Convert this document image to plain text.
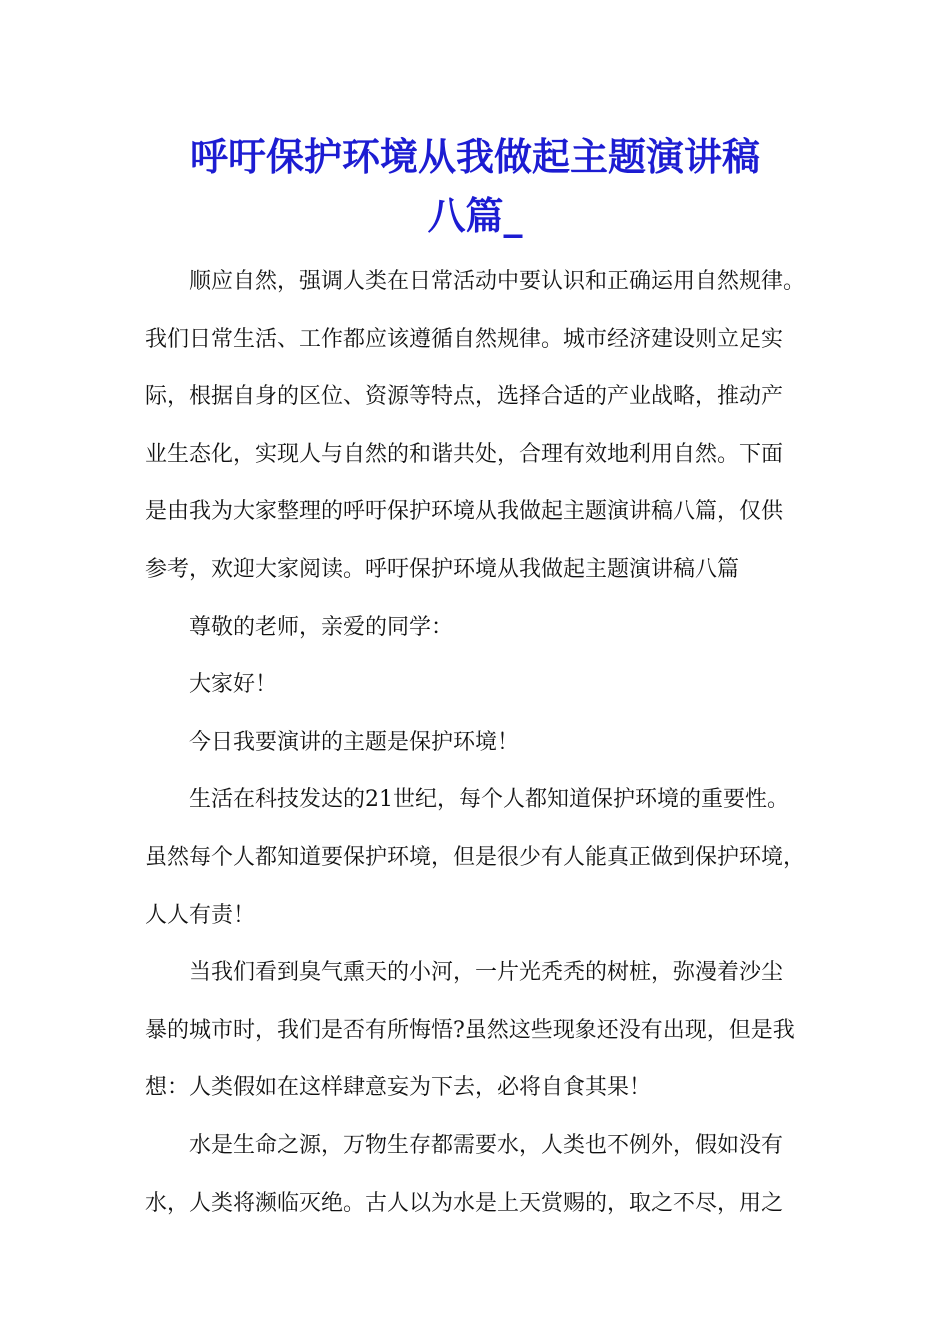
呼吁保护环境从我做起主题演讲稿
八篇_
顺应自然，强调人类在日常活动中要认识和正确运用自然规律。
我们日常生活、工作都应该遵循自然规律。城市经济建设则立足实
际，根据自身的区位、资源等特点，选择合适的产业战略，推动产
业生态化，实现人与自然的和谐共处，合理有效地利用自然。下面
是由我为大家整理的呼吁保护环境从我做起主题演讲稿八篇，仅供
参考，欢迎大家阅读。呼吁保护环境从我做起主题演讲稿八篇
尊敬的老师，亲爱的同学：
大家好！
今日我要演讲的主题是保护环境！
生活在科技发达的21世纪，每个人都知道保护环境的重要性。
虽然每个人都知道要保护环境，但是很少有人能真正做到保护环境，
人人有责！
当我们看到臭气熏天的小河，一片光秃秃的树桩，弥漫着沙尘
暴的城市时，我们是否有所悔悟?虽然这些现象还没有出现，但是我
想：人类假如在这样肆意妄为下去，必将自食其果！
水是生命之源，万物生存都需要水，人类也不例外，假如没有
水，人类将濒临灭绝。古人以为水是上天赏赐的，取之不尽，用之
